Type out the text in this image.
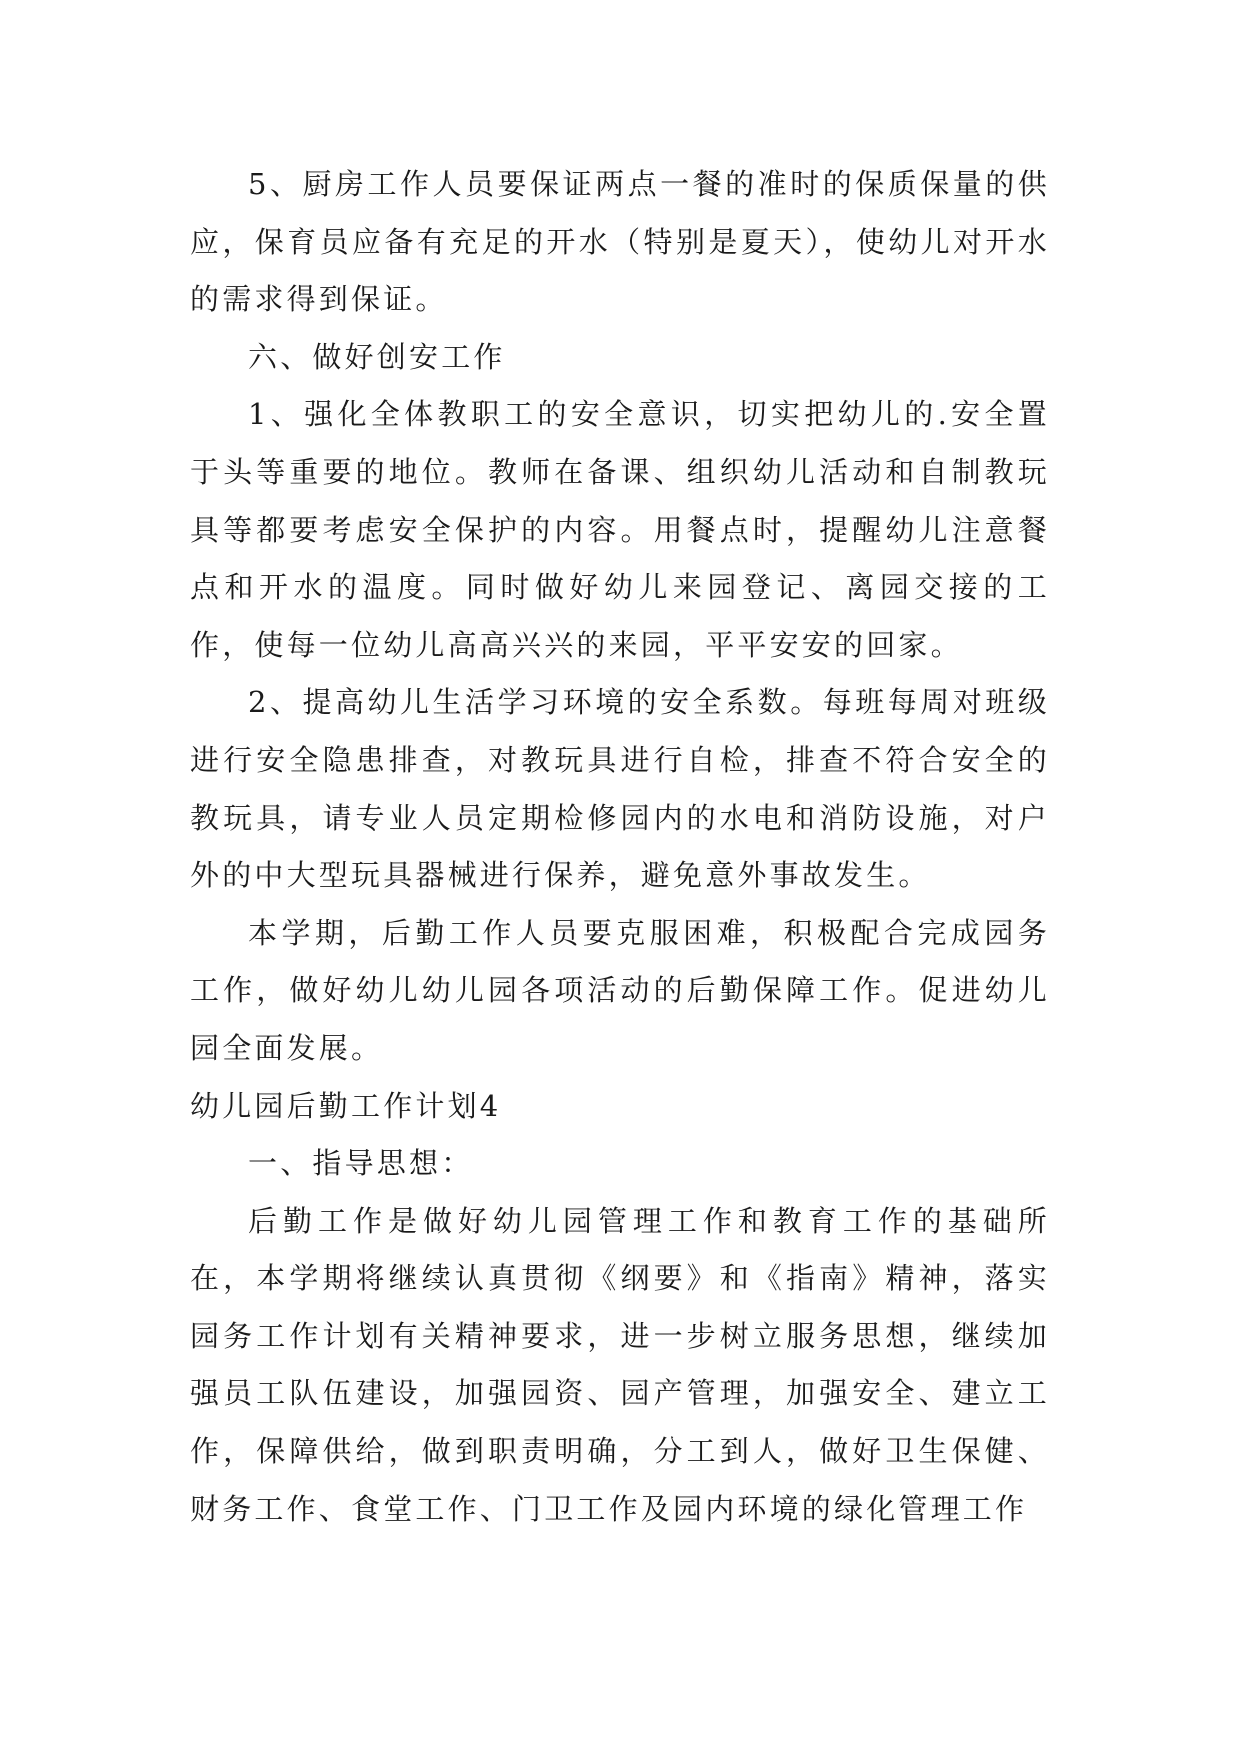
5、厨房工作人员要保证两点一餐的准时的保质保量的供应，保育员应备有充足的开水（特别是夏天），使幼儿对开水的需求得到保证。

六、做好创安工作

1、强化全体教职工的安全意识，切实把幼儿的.安全置于头等重要的地位。教师在备课、组织幼儿活动和自制教玩具等都要考虑安全保护的内容。用餐点时，提醒幼儿注意餐点和开水的温度。同时做好幼儿来园登记、离园交接的工作，使每一位幼儿高高兴兴的来园，平平安安的回家。

2、提高幼儿生活学习环境的安全系数。每班每周对班级进行安全隐患排查，对教玩具进行自检，排查不符合安全的教玩具，请专业人员定期检修园内的水电和消防设施，对户外的中大型玩具器械进行保养，避免意外事故发生。

本学期，后勤工作人员要克服困难，积极配合完成园务工作，做好幼儿幼儿园各项活动的后勤保障工作。促进幼儿园全面发展。

幼儿园后勤工作计划4

一、指导思想：

后勤工作是做好幼儿园管理工作和教育工作的基础所在，本学期将继续认真贯彻《纲要》和《指南》精神，落实园务工作计划有关精神要求，进一步树立服务思想，继续加强员工队伍建设，加强园资、园产管理，加强安全、建立工作，保障供给，做到职责明确，分工到人，做好卫生保健、财务工作、食堂工作、门卫工作及园内环境的绿化管理工作
